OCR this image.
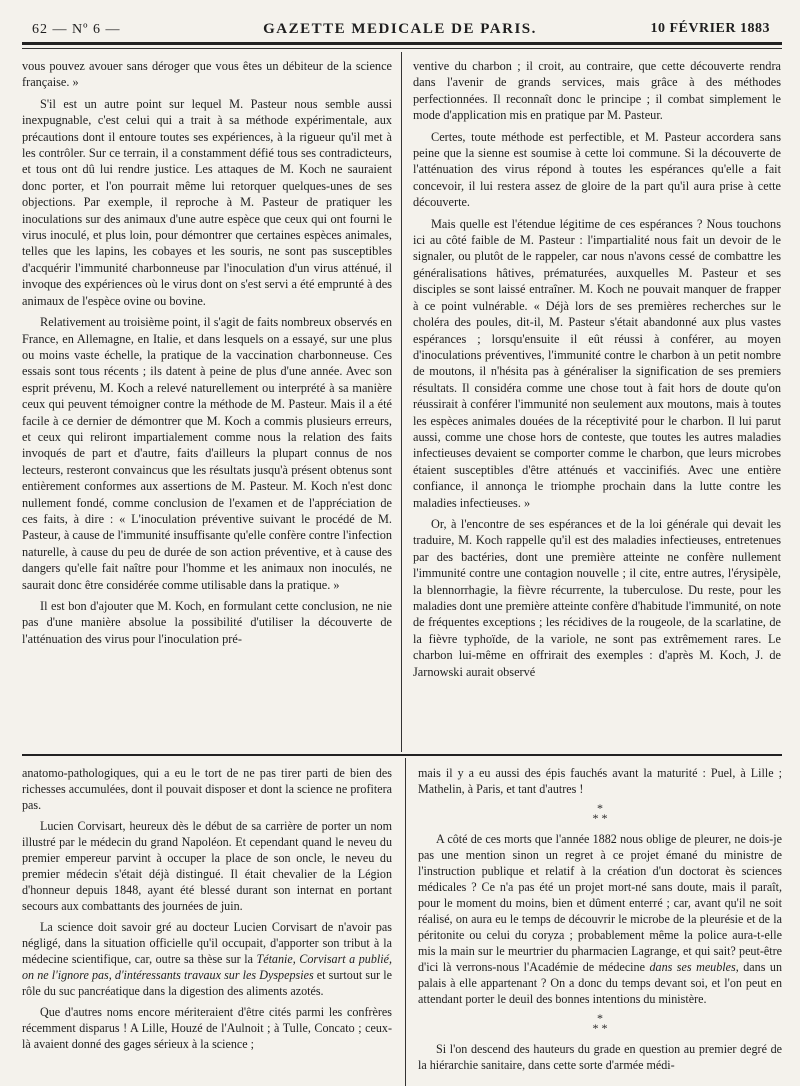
62 — Nº 6 —	GAZETTE MEDICALE DE PARIS.	10 FÉVRIER 1883

vous pouvez avouer sans déroger que vous êtes un débiteur de la science française. »

S'il est un autre point sur lequel M. Pasteur nous semble aussi inexpugnable, c'est celui qui a trait à sa méthode expérimentale, aux précautions dont il entoure toutes ses expériences, à la rigueur qu'il met à les contrôler. Sur ce terrain, il a constamment défié tous ses contradicteurs, et tous ont dû lui rendre justice. Les attaques de M. Koch ne sauraient donc porter, et l'on pourrait même lui retorquer quelques-unes de ses objections. Par exemple, il reproche à M. Pasteur de pratiquer les inoculations sur des animaux d'une autre espèce que ceux qui ont fourni le virus inoculé, et plus loin, pour démontrer que certaines espèces animales, telles que les lapins, les cobayes et les souris, ne sont pas susceptibles d'acquérir l'immunité charbonneuse par l'inoculation d'un virus atténué, il invoque des expériences où le virus dont on s'est servi a été emprunté à des animaux de l'espèce ovine ou bovine.

Relativement au troisième point, il s'agit de faits nombreux observés en France, en Allemagne, en Italie, et dans lesquels on a essayé, sur une plus ou moins vaste échelle, la pratique de la vaccination charbonneuse. Ces essais sont tous récents ; ils datent à peine de plus d'une année. Avec son esprit prévenu, M. Koch a relevé naturellement ou interprété à sa manière ceux qui peuvent témoigner contre la méthode de M. Pasteur. Mais il a été facile à ce dernier de démontrer que M. Koch a commis plusieurs erreurs, et ceux qui reliront impartialement comme nous la relation des faits invoqués de part et d'autre, faits d'ailleurs la plupart connus de nos lecteurs, resteront convaincus que les résultats jusqu'à présent obtenus sont entièrement conformes aux assertions de M. Pasteur. M. Koch n'est donc nullement fondé, comme conclusion de l'examen et de l'appréciation de ces faits, à dire : « L'inoculation préventive suivant le procédé de M. Pasteur, à cause de l'immunité insuffisante qu'elle confère contre l'infection naturelle, à cause du peu de durée de son action préventive, et à cause des dangers qu'elle fait naître pour l'homme et les animaux non inoculés, ne saurait donc être considérée comme utilisable dans la pratique. »

Il est bon d'ajouter que M. Koch, en formulant cette conclusion, ne nie pas d'une manière absolue la possibilité d'utiliser la découverte de l'atténuation des virus pour l'inoculation pré-

ventive du charbon ; il croit, au contraire, que cette découverte rendra dans l'avenir de grands services, mais grâce à des méthodes perfectionnées. Il reconnaît donc le principe ; il combat simplement le mode d'application mis en pratique par M. Pasteur.

Certes, toute méthode est perfectible, et M. Pasteur accordera sans peine que la sienne est soumise à cette loi commune. Si la découverte de l'atténuation des virus répond à toutes les espérances qu'elle a fait concevoir, il lui restera assez de gloire de la part qu'il aura prise à cette découverte.

Mais quelle est l'étendue légitime de ces espérances ? Nous touchons ici au côté faible de M. Pasteur : l'impartialité nous fait un devoir de le signaler, ou plutôt de le rappeler, car nous n'avons cessé de combattre les généralisations hâtives, prématurées, auxquelles M. Pasteur et ses disciples se sont laissé entraîner. M. Koch ne pouvait manquer de frapper à ce point vulnérable. « Déjà lors de ses premières recherches sur le choléra des poules, dit-il, M. Pasteur s'était abandonné aux plus vastes espérances ; lorsqu'ensuite il eût réussi à conférer, au moyen d'inoculations préventives, l'immunité contre le charbon à un petit nombre de moutons, il n'hésita pas à généraliser la signification de ses premiers résultats. Il considéra comme une chose tout à fait hors de doute qu'on réussirait à conférer l'immunité non seulement aux moutons, mais à toutes les espèces animales douées de la réceptivité pour le charbon. Il lui parut aussi, comme une chose hors de conteste, que toutes les autres maladies infectieuses devaient se comporter comme le charbon, que leurs microbes étaient susceptibles d'être atténués et vaccinifiés. Avec une entière confiance, il annonça le triomphe prochain dans la lutte contre les maladies infectieuses. »

Or, à l'encontre de ses espérances et de la loi générale qui devait les traduire, M. Koch rappelle qu'il est des maladies infectieuses, entretenues par des bactéries, dont une première atteinte ne confère nullement l'immunité contre une contagion nouvelle ; il cite, entre autres, l'érysipèle, la blennorrhagie, la fièvre récurrente, la tuberculose. Du reste, pour les maladies dont une première atteinte confère d'habitude l'immunité, on note de fréquentes exceptions ; les récidives de la rougeole, de la scarlatine, de la fièvre typhoïde, de la variole, ne sont pas extrêmement rares. Le charbon lui-même en offrirait des exemples : d'après M. Koch, J. de Jarnowski aurait observé

anatomo-pathologiques, qui a eu le tort de ne pas tirer parti de bien des richesses accumulées, dont il pouvait disposer et dont la science ne profitera pas.

Lucien Corvisart, heureux dès le début de sa carrière de porter un nom illustré par le médecin du grand Napoléon. Et cependant quand le neveu du premier empereur parvint à occuper la place de son oncle, le neveu du premier médecin s'était déjà distingué. Il était chevalier de la Légion d'honneur depuis 1848, ayant été blessé durant son internat en portant secours aux combattants des journées de juin.

La science doit savoir gré au docteur Lucien Corvisart de n'avoir pas négligé, dans la situation officielle qu'il occupait, d'apporter son tribut à la médecine scientifique, car, outre sa thèse sur la Tétanie, Corvisart a publié, on ne l'ignore pas, d'intéressants travaux sur les Dyspepsies et surtout sur le rôle du suc pancréatique dans la digestion des aliments azotés.

Que d'autres noms encore mériteraient d'être cités parmi les confrères récemment disparus ! A Lille, Houzé de l'Aulnoit ; à Tulle, Concato ; ceux-là avaient donné des gages sérieux à la science ;

mais il y a eu aussi des épis fauchés avant la maturité : Puel, à Lille ; Mathelin, à Paris, et tant d'autres !

*
* *

A côté de ces morts que l'année 1882 nous oblige de pleurer, ne dois-je pas une mention sinon un regret à ce projet émané du ministre de l'instruction publique et relatif à la création d'un doctorat ès sciences médicales ? Ce n'a pas été un projet mort-né sans doute, mais il paraît, pour le moment du moins, bien et dûment enterré ; car, avant qu'il ne soit réalisé, on aura eu le temps de découvrir le microbe de la pleurésie et de la péritonite ou celui du coryza ; probablement même la police aura-t-elle mis la main sur le meurtrier du pharmacien Lagrange, et qui sait? peut-être d'ici là verrons-nous l'Académie de médecine dans ses meubles, dans un palais à elle appartenant ? On a donc du temps devant soi, et l'on peut en attendant porter le deuil des bonnes intentions du ministère.

*
* *

Si l'on descend des hauteurs du grade en question au premier degré de la hiérarchie sanitaire, dans cette sorte d'armée médi-
